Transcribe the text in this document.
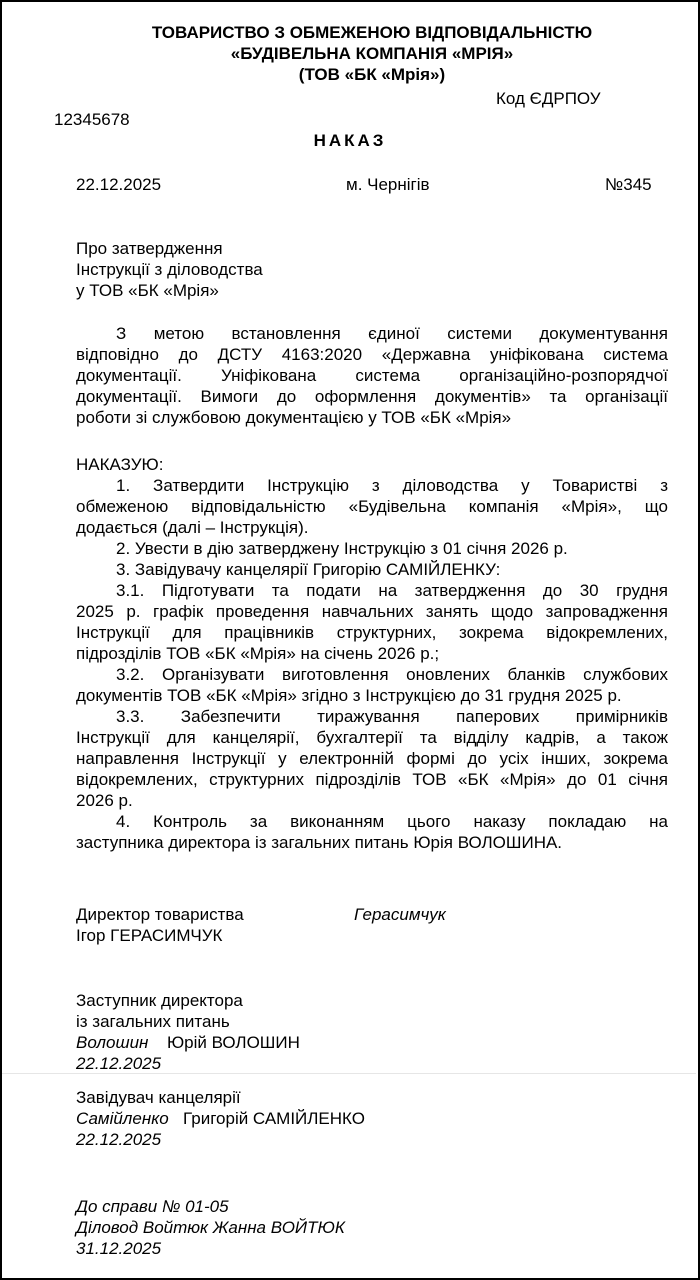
ТОВАРИСТВО З ОБМЕЖЕНОЮ ВІДПОВІДАЛЬНІСТЮ
«БУДІВЕЛЬНА КОМПАНІЯ «МРІЯ»
(ТОВ «БК «Мрія»)
Код ЄДРПОУ
12345678
НАКАЗ
22.12.2025	м. Чернігів	№345
Про затвердження
Інструкції з діловодства
у ТОВ «БК «Мрія»
З метою встановлення єдиної системи документування
відповідно до ДСТУ 4163:2020 «Державна уніфікована система
документації. Уніфікована система організаційно-розпорядчої
документації. Вимоги до оформлення документів» та організації
роботи зі службовою документацією у ТОВ «БК «Мрія»
НАКАЗУЮ:
1. Затвердити Інструкцію з діловодства у Товаристві з
обмеженою відповідальністю «Будівельна компанія «Мрія», що
додається (далі – Інструкція).
2. Увести в дію затверджену Інструкцію з 01 січня 2026 р.
3. Завідувачу канцелярії Григорію САМІЙЛЕНКУ:
3.1. Підготувати та подати на затвердження до 30 грудня
2025 р. графік проведення навчальних занять щодо запровадження
Інструкції для працівників структурних, зокрема відокремлених,
підрозділів ТОВ «БК «Мрія» на січень 2026 р.;
3.2. Організувати виготовлення оновлених бланків службових
документів ТОВ «БК «Мрія» згідно з Інструкцією до 31 грудня 2025 р.
3.3. Забезпечити тиражування паперових примірників
Інструкції для канцелярії, бухгалтерії та відділу кадрів, а також
направлення Інструкції у електронній формі до усіх інших, зокрема
відокремлених, структурних підрозділів ТОВ «БК «Мрія» до 01 січня
2026 р.
4. Контроль за виконанням цього наказу покладаю на
заступника директора із загальних питань Юрія ВОЛОШИНА.
Директор товариства	Герасимчук
Ігор ГЕРАСИМЧУК
Заступник директора
із загальних питань
Волошин Юрій ВОЛОШИН
22.12.2025
Завідувач канцелярії
Самійленко Григорій САМІЙЛЕНКО
22.12.2025
До справи № 01-05
Діловод Войтюк Жанна ВОЙТЮК
31.12.2025
